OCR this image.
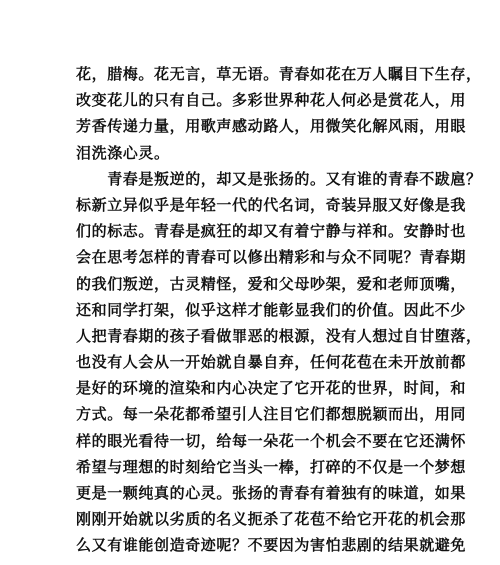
花，腊梅。花无言，草无语。青春如花在万人瞩目下生存，
改变花儿的只有自己。多彩世界种花人何必是赏花人，用
芳香传递力量，用歌声感动路人，用微笑化解风雨，用眼
泪洗涤心灵。
　　青春是叛逆的，却又是张扬的。又有谁的青春不跋扈？
标新立异似乎是年轻一代的代名词，奇装异服又好像是我
们的标志。青春是疯狂的却又有着宁静与祥和。安静时也
会在思考怎样的青春可以修出精彩和与众不同呢？青春期
的我们叛逆，古灵精怪，爱和父母吵架，爱和老师顶嘴，
还和同学打架，似乎这样才能彰显我们的价值。因此不少
人把青春期的孩子看做罪恶的根源，没有人想过自甘堕落，
也没有人会从一开始就自暴自弃，任何花苞在未开放前都
是好的环境的渲染和内心决定了它开花的世界，时间，和
方式。每一朵花都希望引人注目它们都想脱颖而出，用同
样的眼光看待一切，给每一朵花一个机会不要在它还满怀
希望与理想的时刻给它当头一棒，打碎的不仅是一个梦想
更是一颗纯真的心灵。张扬的青春有着独有的味道，如果
刚刚开始就以劣质的名义扼杀了花苞不给它开花的机会那
么又有谁能创造奇迹呢？不要因为害怕悲剧的结果就避免
